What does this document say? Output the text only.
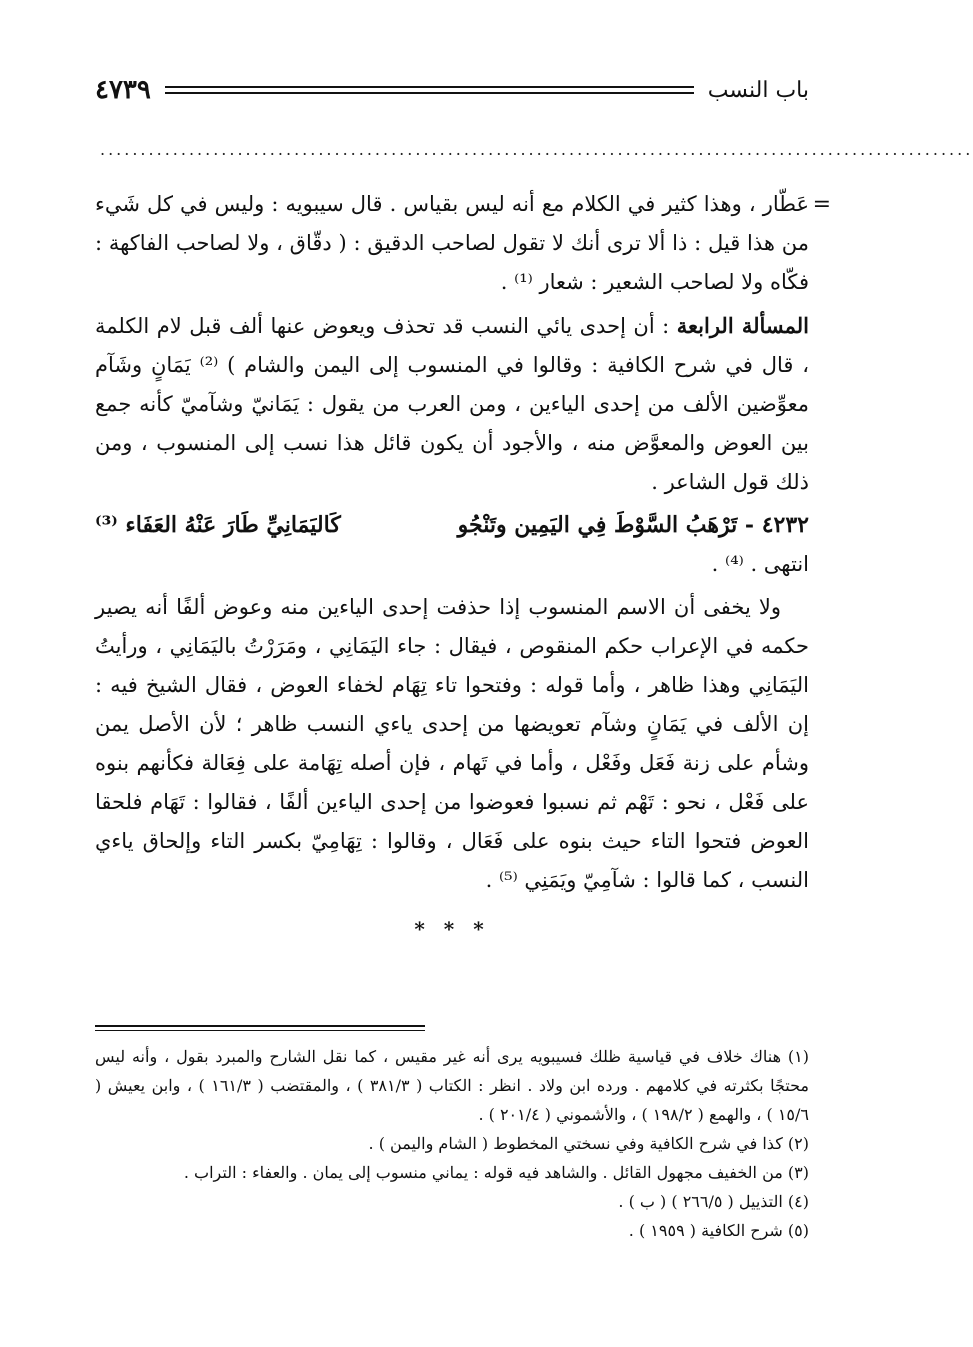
باب النسب
٤٧٣٩
............................................................................................................
=

عَطّار ، وهذا كثير في الكلام مع أنه ليس بقياس . قال سيبويه : وليس في كل شَيء من هذا قيل : ذا ألا ترى أنك لا تقول لصاحب الدقيق : ( دقّاق ، ولا لصاحب الفاكهة : فكّاه ولا لصاحب الشعير : شعار ⁽¹⁾ .

المسألة الرابعة : أن إحدى يائي النسب قد تحذف ويعوض عنها ألف قبل لام الكلمة ، قال في شرح الكافية : وقالوا في المنسوب إلى اليمن والشام ) ⁽²⁾ يَمَانٍ وشَآم معوِّضين الألف من إحدى الياءين ، ومن العرب من يقول : يَمَانيّ وشآميّ كأنه جمع بين العوض والمعوَّض منه ، والأجود أن يكون قائل هذا نسب إلى المنسوب ، ومن ذلك قول الشاعر .

٤٢٣٢ - تَرْهَبُ السَّوْطَ فِي اليَمِين وتَنْجُو
كَاليَمَانِيِّ طَارَ عَنْهُ العَفَاء ⁽³⁾

انتهى . ⁽⁴⁾ .

ولا يخفى أن الاسم المنسوب إذا حذفت إحدى الياءين منه وعوض ألفًا أنه يصير حكمه في الإعراب حكم المنقوص ، فيقال : جاء اليَمَانِي ، ومَرَرْتُ باليَمَانِي ، ورأيتُ اليَمَانِي وهذا ظاهر ، وأما قوله : وفتحوا تاء تِهَام لخفاء العوض ، فقال الشيخ فيه : إن الألف في يَمَانٍ وشآم تعويضها من إحدى ياءي النسب ظاهر ؛ لأن الأصل يمن وشأم على زنة فَعَل وفَعْل ، وأما في تَهام ، فإن أصله تِهَامة على فِعَالة فكأنهم بنوه على فَعْل ، نحو : تَهْم ثم نسبوا فعوضوا من إحدى الياءين ألفًا ، فقالوا : تَهَام فلحقا العوض فتحوا التاء حيث بنوه على فَعَال ، وقالوا : تِهَامِيّ بكسر التاء وإلحاق ياءي النسب ، كما قالوا : شآمِيّ ويَمَنِي ⁽⁵⁾ .

* * *

(١) هناك خلاف في قياسية ظلك فسيبويه يرى أنه غير مقيس ، كما نقل الشارح والمبرد بقول ، وأنه ليس محتجًا بكثرته في كلامهم . ورده ابن ولاد . انظر : الكتاب ( ٣٨١/٣ ) ، والمقتضب ( ١٦١/٣ ) ، وابن يعيش ( ١٥/٦ ) ، والهمع ( ١٩٨/٢ ) ، والأشموني ( ٢٠١/٤ ) .

(٢) كذا في شرح الكافية وفي نسختي المخطوط ( الشام واليمن ) .

(٣) من الخفيف مجهول القائل . والشاهد فيه قوله : يماني منسوب إلى يمان . والعفاء : التراب .

(٤) التذييل ( ٢٦٦/٥ ) ( ب ) .

(٥) شرح الكافية ( ١٩٥٩ ) .
